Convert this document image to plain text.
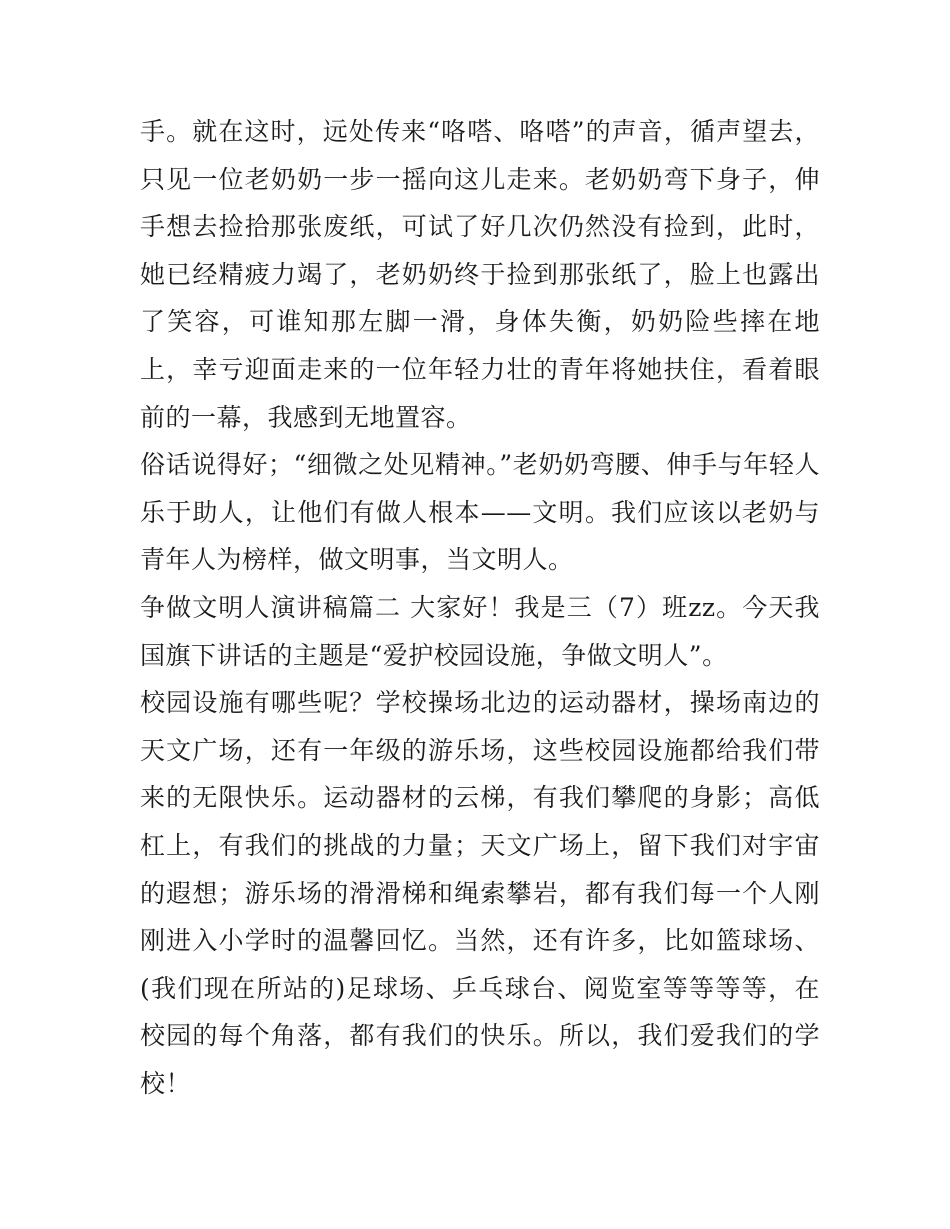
手。就在这时，远处传来“咯嗒、咯嗒”的声音，循声望去，只见一位老奶奶一步一摇向这儿走来。老奶奶弯下身子，伸手想去捡拾那张废纸，可试了好几次仍然没有捡到，此时，她已经精疲力竭了，老奶奶终于捡到那张纸了，脸上也露出了笑容，可谁知那左脚一滑，身体失衡，奶奶险些摔在地上，幸亏迎面走来的一位年轻力壮的青年将她扶住，看着眼前的一幕，我感到无地置容。

俗话说得好；“细微之处见精神。”老奶奶弯腰、伸手与年轻人乐于助人，让他们有做人根本——文明。我们应该以老奶与青年人为榜样，做文明事，当文明人。

争做文明人演讲稿篇二 大家好！我是三（7）班zz。今天我国旗下讲话的主题是“爱护校园设施，争做文明人”。

校园设施有哪些呢？学校操场北边的运动器材，操场南边的天文广场，还有一年级的游乐场，这些校园设施都给我们带来的无限快乐。运动器材的云梯，有我们攀爬的身影；高低杠上，有我们的挑战的力量；天文广场上，留下我们对宇宙的遐想；游乐场的滑滑梯和绳索攀岩，都有我们每一个人刚刚进入小学时的温馨回忆。当然，还有许多，比如篮球场、(我们现在所站的)足球场、乒乓球台、阅览室等等等等，在校园的每个角落，都有我们的快乐。所以，我们爱我们的学校！
